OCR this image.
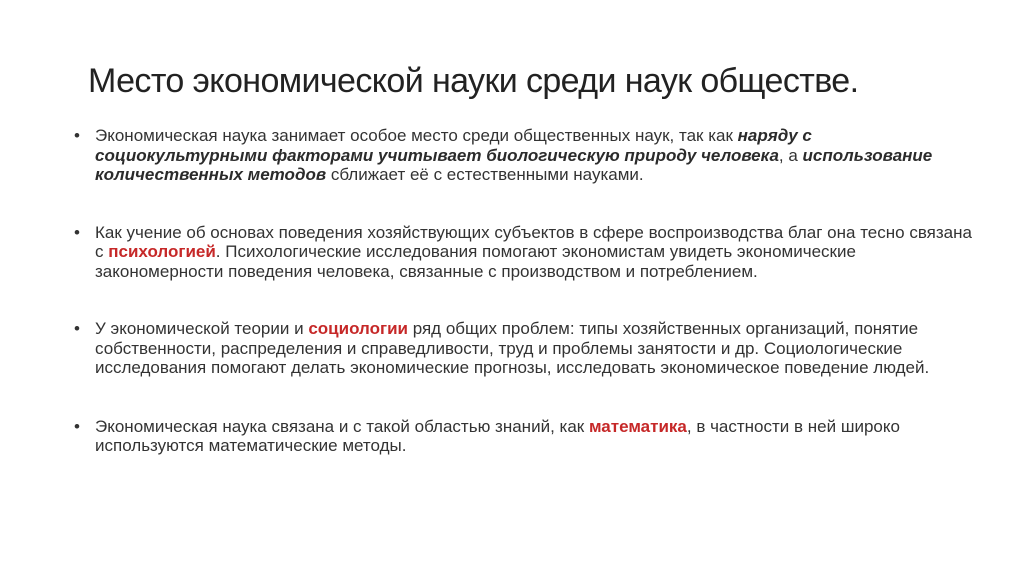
Место экономической науки среди наук обществе.
• Экономическая наука занимает особое место среди общественных наук, так как наряду с социокультурными факторами учитывает биологическую природу человека, а использование количественных методов сближает её с естественными науками.
• Как учение об основах поведения хозяйствующих субъектов в сфере воспроизводства благ она тесно связана с психологией. Психологические исследования помогают экономистам увидеть экономические закономерности поведения человека, связанные с производством и потреблением.
• У экономической теории и социологии ряд общих проблем: типы хозяйственных организаций, понятие собственности, распределения и справедливости, труд и проблемы занятости и др. Социологические исследования помогают делать экономические прогнозы, исследовать экономическое поведение людей.
• Экономическая наука связана и с такой областью знаний, как математика, в частности в ней широко используются математические методы.
